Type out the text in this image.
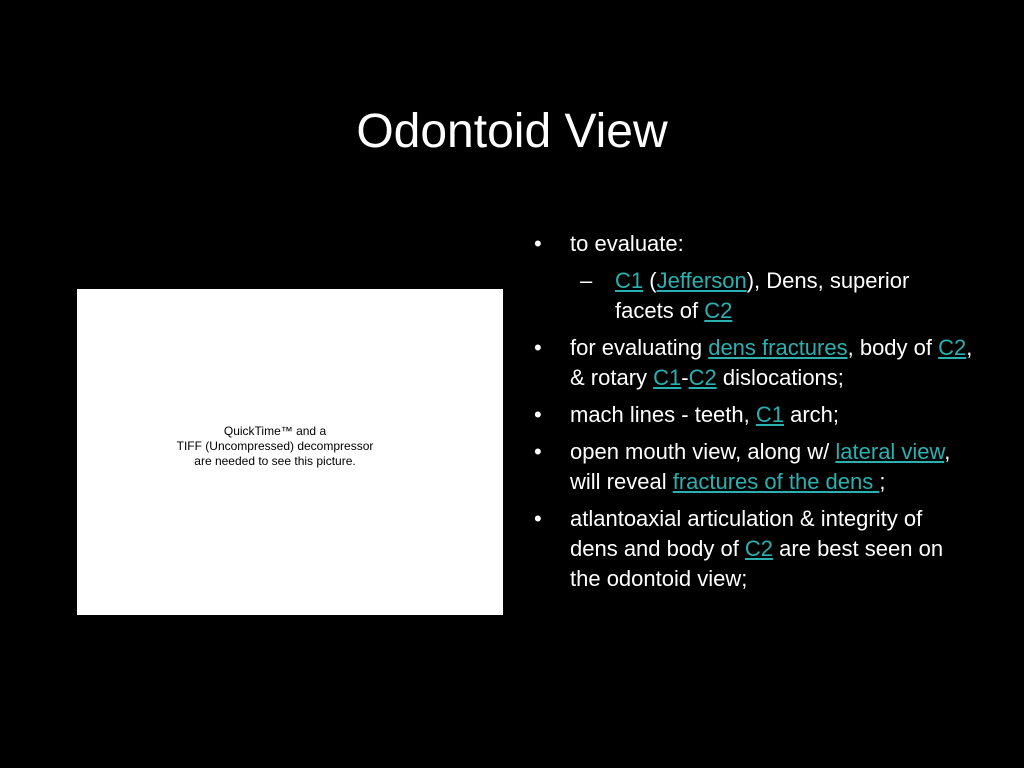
Odontoid View
QuickTime™ and a
TIFF (Uncompressed) decompressor
are needed to see this picture.
• to evaluate:
– C1 (Jefferson), Dens, superior facets of C2
• for evaluating dens fractures, body of C2, & rotary C1-C2 dislocations;
• mach lines - teeth, C1 arch;
• open mouth view, along w/ lateral view, will reveal fractures of the dens ;
• atlantoaxial articulation & integrity of dens and body of C2 are best seen on the odontoid view;
